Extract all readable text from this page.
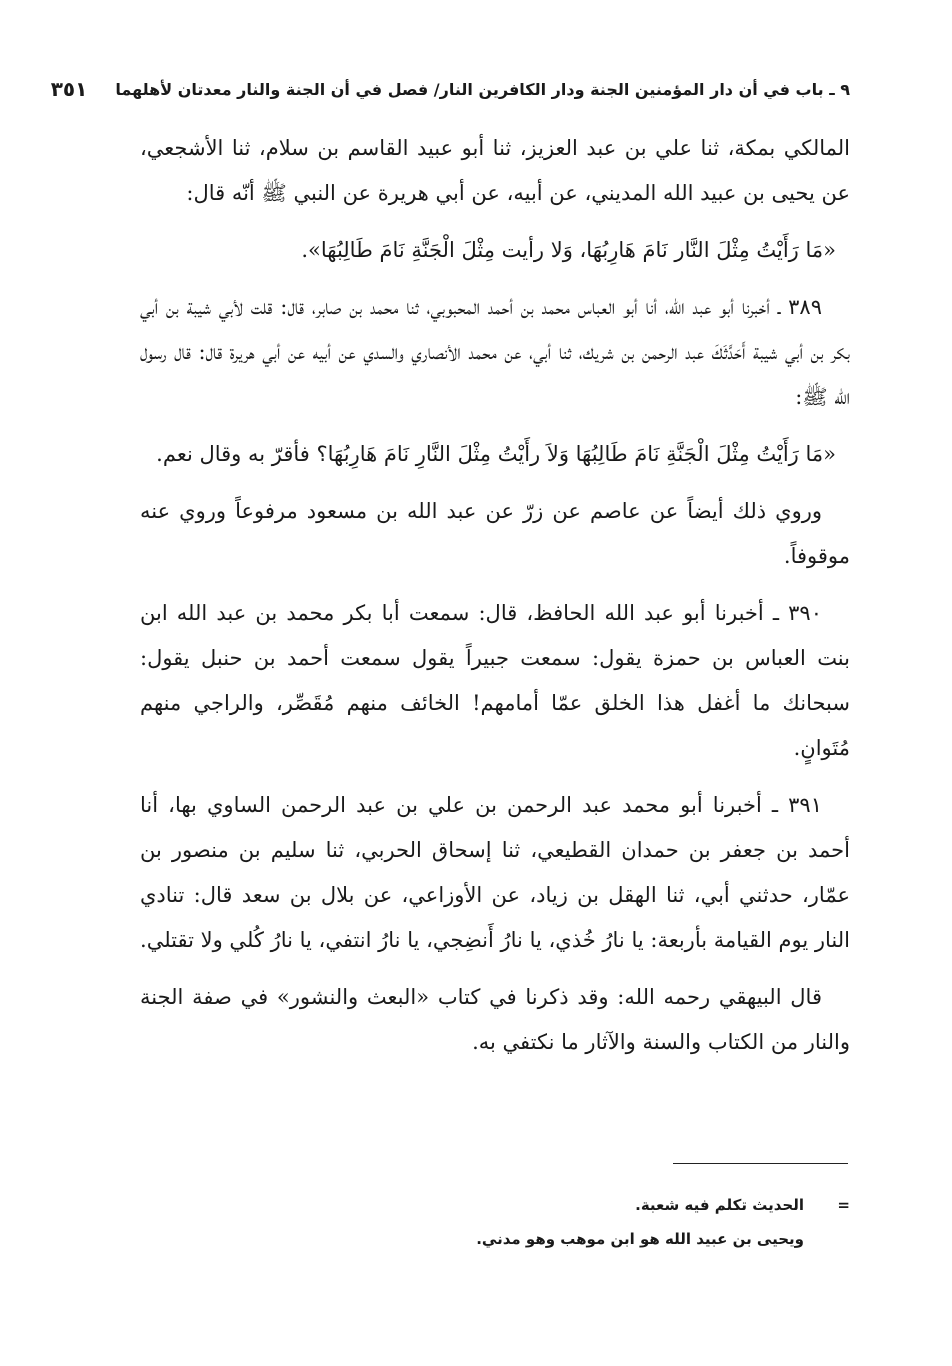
٩ ـ باب في أن دار المؤمنين الجنة ودار الكافرين النار/ فصل في أن الجنة والنار معدتان لأهلهما
٣٥١

المالكي بمكة، ثنا علي بن عبد العزيز، ثنا أبو عبيد القاسم بن سلام، ثنا الأشجعي، عن يحيى بن عبيد الله المديني، عن أبيه، عن أبي هريرة عن النبي ﷺ أنّه قال:

«مَا رَأَيْتُ مِثْلَ النَّار نَامَ هَارِبُهَا، وَلا رأيت مِثْلَ الْجَنَّةِ نَامَ طَالِبُهَا».

٣٨٩ ـ أخبرنا أبو عبد الله، أنا أبو العباس محمد بن أحمد المحبوبي، ثنا محمد بن صابر، قال: قلت لأبي شيبة بن أبي بكر بن أبي شيبة أَحَدَّثَكَ عبد الرحمن بن شريك، ثنا أبي، عن محمد الأنصاري والسدي عن أبيه عن أبي هريرة قال: قال رسول الله ﷺ:

«مَا رَأَيْتُ مِثْلَ الْجَنَّةِ نَامَ طَالِبُهَا وَلاَ رأَيْتُ مِثْلَ النَّارِ نَامَ هَارِبُهَا؟ فأقرّ به وقال نعم.

وروي ذلك أيضاً عن عاصم عن زرّ عن عبد الله بن مسعود مرفوعاً وروي عنه موقوفاً.

٣٩٠ ـ أخبرنا أبو عبد الله الحافظ، قال: سمعت أبا بكر محمد بن عبد الله ابن بنت العباس بن حمزة يقول: سمعت جبيراً يقول سمعت أحمد بن حنبل يقول: سبحانك ما أغفل هذا الخلق عمّا أمامهم! الخائف منهم مُقَصِّر، والراجي منهم مُتَوانٍ.

٣٩١ ـ أخبرنا أبو محمد عبد الرحمن بن علي بن عبد الرحمن الساوي بها، أنا أحمد بن جعفر بن حمدان القطيعي، ثنا إسحاق الحربي، ثنا سليم بن منصور بن عمّار، حدثني أبي، ثنا الهقل بن زياد، عن الأوزاعي، عن بلال بن سعد قال: تنادي النار يوم القيامة بأربعة: يا نارُ خُذي، يا نارُ أَنضِجي، يا نارُ انتفي، يا نارُ كُلي ولا تقتلي.

قال البيهقي رحمه الله: وقد ذكرنا في كتاب «البعث والنشور» في صفة الجنة والنار من الكتاب والسنة والآثار ما نكتفي به.

=الحديث تكلم فيه شعبة.

ويحيى بن عبيد الله هو ابن موهب وهو مدني.
